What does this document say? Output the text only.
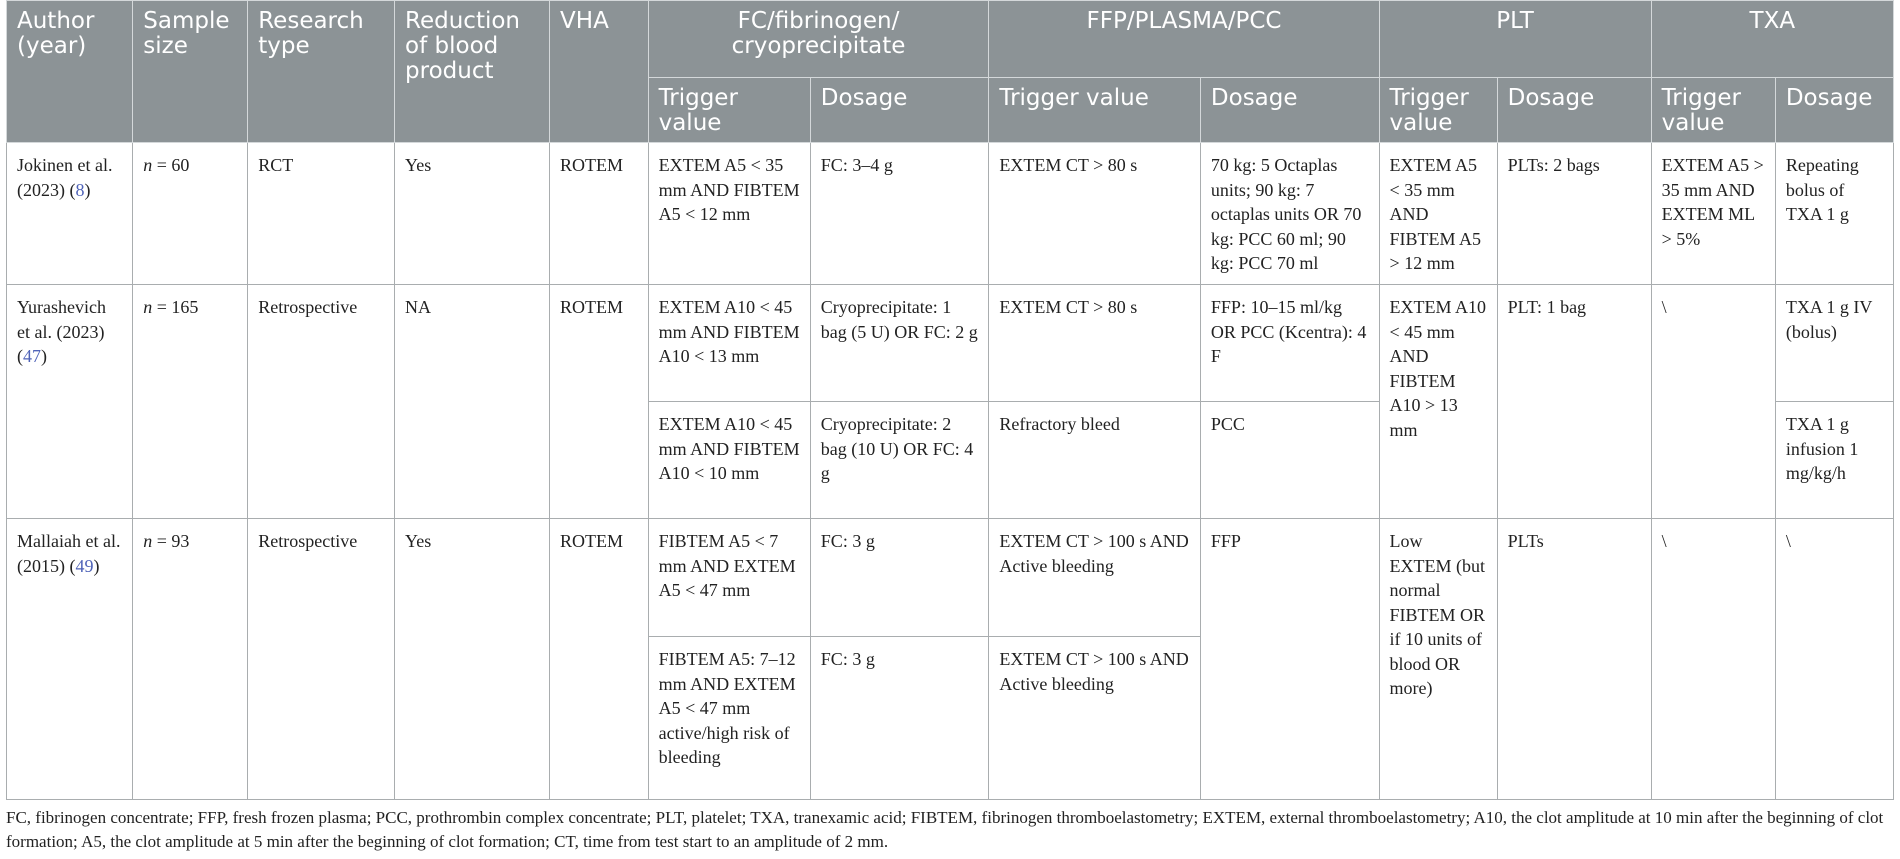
Author (year)	Sample size	Research type	Reduction of blood product	VHA	FC/fibrinogen/ cryoprecipitate		FFP/PLASMA/PCC		PLT		TXA	
					Trigger value	Dosage	Trigger value	Dosage	Trigger value	Dosage	Trigger value	Dosage
Jokinen et al. (2023) (8)	n = 60	RCT	Yes	ROTEM	EXTEM A5 < 35 mm AND FIBTEM A5 < 12 mm	FC: 3–4 g	EXTEM CT > 80 s	70 kg: 5 Octaplas units; 90 kg: 7 octaplas units OR 70 kg: PCC 60 ml; 90 kg: PCC 70 ml	EXTEM A5 < 35 mm AND FIBTEM A5 > 12 mm	PLTs: 2 bags	EXTEM A5 > 35 mm AND EXTEM ML > 5%	Repeating bolus of TXA 1 g
Yurashevich et al. (2023) (47)	n = 165	Retrospective	NA	ROTEM	EXTEM A10 < 45 mm AND FIBTEM A10 < 13 mm	Cryoprecipitate: 1 bag (5 U) OR FC: 2 g	EXTEM CT > 80 s	FFP: 10–15 ml/kg OR PCC (Kcentra): 4 F	EXTEM A10 < 45 mm AND FIBTEM A10 > 13 mm	PLT: 1 bag	\	TXA 1 g IV (bolus)
					EXTEM A10 < 45 mm AND FIBTEM A10 < 10 mm	Cryoprecipitate: 2 bag (10 U) OR FC: 4 g	Refractory bleed	PCC				TXA 1 g infusion 1 mg/kg/h
Mallaiah et al. (2015) (49)	n = 93	Retrospective	Yes	ROTEM	FIBTEM A5 < 7 mm AND EXTEM A5 < 47 mm	FC: 3 g	EXTEM CT > 100 s AND Active bleeding	FFP	Low EXTEM (but normal FIBTEM OR if 10 units of blood OR more)	PLTs	\	\
					FIBTEM A5: 7–12 mm AND EXTEM A5 < 47 mm active/high risk of bleeding	FC: 3 g	EXTEM CT > 100 s AND Active bleeding					
FC, fibrinogen concentrate; FFP, fresh frozen plasma; PCC, prothrombin complex concentrate; PLT, platelet; TXA, tranexamic acid; FIBTEM, fibrinogen thromboelastometry; EXTEM, external thromboelastometry; A10, the clot amplitude at 10 min after the beginning of clot formation; A5, the clot amplitude at 5 min after the beginning of clot formation; CT, time from test start to an amplitude of 2 mm.
